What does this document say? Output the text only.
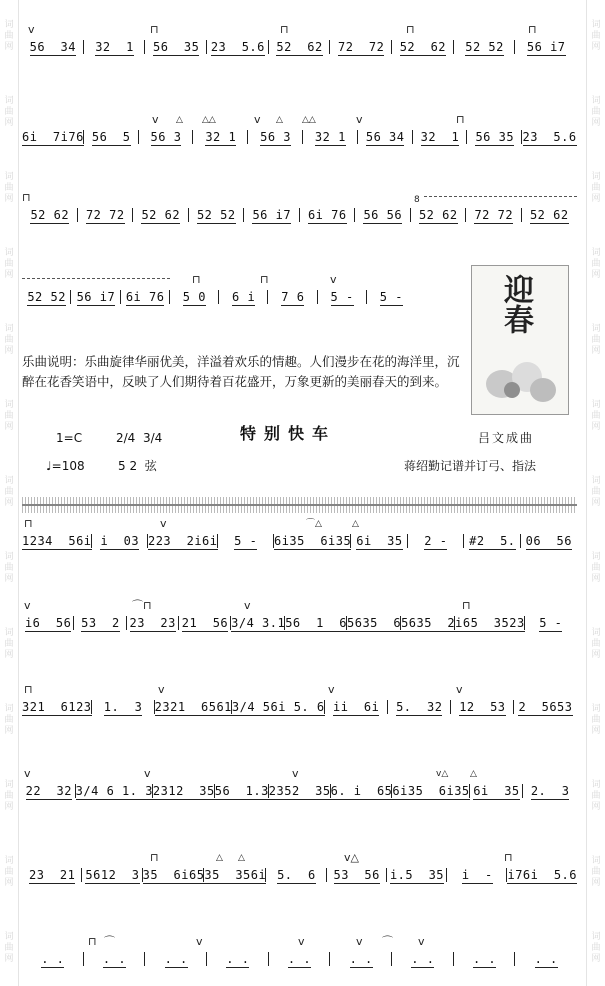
词
曲
网
词
曲
网
词
曲
网
词
曲
网
词
曲
网
词
曲
网
词
曲
网
词
曲
网
词
曲
网
词
曲
网
词
曲
网
词
曲
网
词
曲
网
词
曲
网
词
曲
网
词
曲
网
词
曲
网
词
曲
网
词
曲
网
词
曲
网
词
曲
网
词
曲
网
词
曲
网
词
曲
网
词
曲
网
词
曲
网
v	⊓	⊓	⊓	⊓
56  34	32  1	56  35 23  5.6 52  62	72  72	52  62	52 52	56 i7
v △ △△	v △ △△	v	⊓
6i  7i76 56  5	56 3	32 1	56 3	32 1	56 34	32  1	56 35 23  5.6
⊓	8
52 62	72 72	52 62	52 52	56 i7	6i 76	56 56	52 62	72 72	52 62
⊓	⊓	v
52 52 56 i7 6i 76	5 0	6 i	7 6	5 -	5 -
乐曲说明：乐曲旋律华丽优美，洋溢着欢乐的情趣。人们漫步在花的海洋里，沉醉在花香笑语中，反映了人们期待着百花盛开，万象更新的美丽春天的到来。
迎春
1=C	2/4  3/4	特别快车	吕文成曲
♩=108	5 2  弦	蒋绍勤记谱并订弓、指法
⊓	v	⌒△	△
1234  56i i  03 223  2i6i	5 -	6i35  6i35 6i  35	2 -	#2  5. 06  56
v	⌒⊓	v	⊓
i6  56 53  2 23  23 21  56 3/4 3.1 56  1  6 5635  6 5635  2 i65  3523	5 -
⊓	v	v	v
321  6123	1.  3	2321  6561 3/4 56i 5. 6 ii  6i	5.  32	12  53	2  5653
v	v	v	v△ △
22  32 3/4 6 1. 3 2312  35 56  1.3 2352  35 6. i  65 6i35  6i35 6i  35 2.  3
⊓	△ △	v△	⊓
23  21 5612  3 35  6i65 35  356i 5.  6	53  56 i.5  35	i  -	i76i  5.6
⊓ ⌒	v	v	v ⌒ v
. .	. .	. .	. .	. .	. .	. .	. .	. .
